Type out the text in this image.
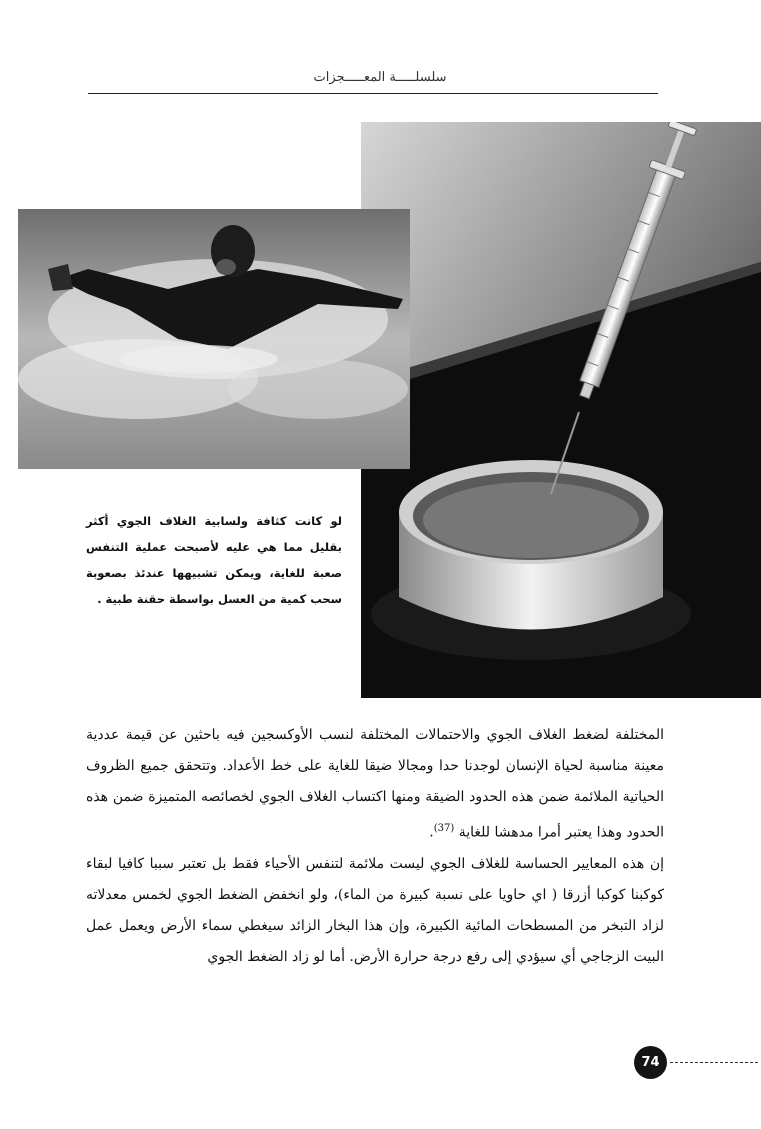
سلسلـــــة المعـــــجزات
لو كانت كثافة ولسابية الغلاف الجوي أكثر بقليل مما هي عليه لأصبحت عملية التنفس صعبة للغاية، ويمكن تشبيهها عندئذ بصعوبة سحب كمية من العسل بواسطة حقنة طبية .

المختلفة لضغط الغلاف الجوي والاحتمالات المختلفة لنسب الأوكسجين فيه باحثين عن قيمة عددية معينة مناسبة لحياة الإنسان لوجدنا حدا ومجالا ضيقا للغاية على خط الأعداد. وتتحقق جميع الظروف الحياتية الملائمة ضمن هذه الحدود الضيقة ومنها اكتساب الغلاف الجوي لخصائصه المتميزة ضمن هذه الحدود وهذا يعتبر أمرا مدهشا للغاية $^{(37)}$.

إن هذه المعايير الحساسة للغلاف الجوي ليست ملائمة لتنفس الأحياء فقط بل تعتبر سببا كافيا لبقاء كوكبنا كوكبا أزرقا ( اي حاويا على نسبة كبيرة من الماء)، ولو انخفض الضغط الجوي لخمس معدلاته لزاد التبخر من المسطحات المائية الكبيرة، وإن هذا البخار الزائد سيغطي سماء الأرض ويعمل عمل البيت الزجاجي أي سيؤدي إلى رفع درجة حرارة الأرض. أما لو زاد الضغط الجوي

74
